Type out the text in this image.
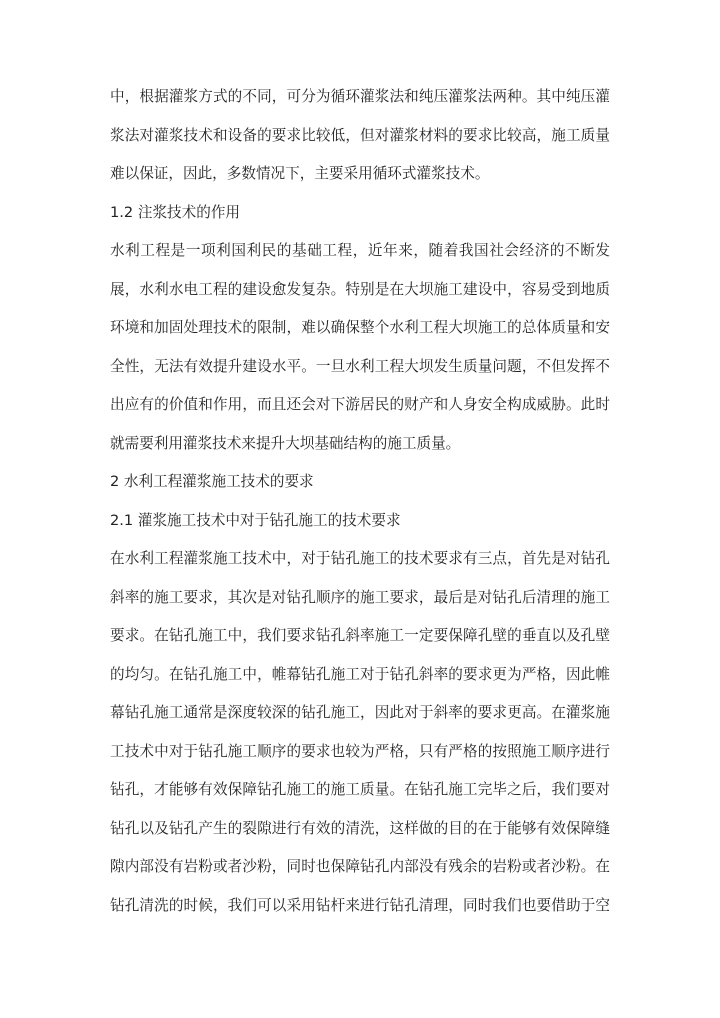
中，根据灌浆方式的不同，可分为循环灌浆法和纯压灌浆法两种。其中纯压灌
浆法对灌浆技术和设备的要求比较低，但对灌浆材料的要求比较高，施工质量
难以保证，因此，多数情况下，主要采用循环式灌浆技术。
1.2 注浆技术的作用
水利工程是一项利国利民的基础工程，近年来，随着我国社会经济的不断发
展，水利水电工程的建设愈发复杂。特别是在大坝施工建设中，容易受到地质
环境和加固处理技术的限制，难以确保整个水利工程大坝施工的总体质量和安
全性，无法有效提升建设水平。一旦水利工程大坝发生质量问题，不但发挥不
出应有的价值和作用，而且还会对下游居民的财产和人身安全构成威胁。此时
就需要利用灌浆技术来提升大坝基础结构的施工质量。
2 水利工程灌浆施工技术的要求
2.1 灌浆施工技术中对于钻孔施工的技术要求
在水利工程灌浆施工技术中，对于钻孔施工的技术要求有三点，首先是对钻孔
斜率的施工要求，其次是对钻孔顺序的施工要求，最后是对钻孔后清理的施工
要求。在钻孔施工中，我们要求钻孔斜率施工一定要保障孔壁的垂直以及孔壁
的均匀。在钻孔施工中，帷幕钻孔施工对于钻孔斜率的要求更为严格，因此帷
幕钻孔施工通常是深度较深的钻孔施工，因此对于斜率的要求更高。在灌浆施
工技术中对于钻孔施工顺序的要求也较为严格，只有严格的按照施工顺序进行
钻孔，才能够有效保障钻孔施工的施工质量。在钻孔施工完毕之后，我们要对
钻孔以及钻孔产生的裂隙进行有效的清洗，这样做的目的在于能够有效保障缝
隙内部没有岩粉或者沙粉，同时也保障钻孔内部没有残余的岩粉或者沙粉。在
钻孔清洗的时候，我们可以采用钻杆来进行钻孔清理，同时我们也要借助于空
